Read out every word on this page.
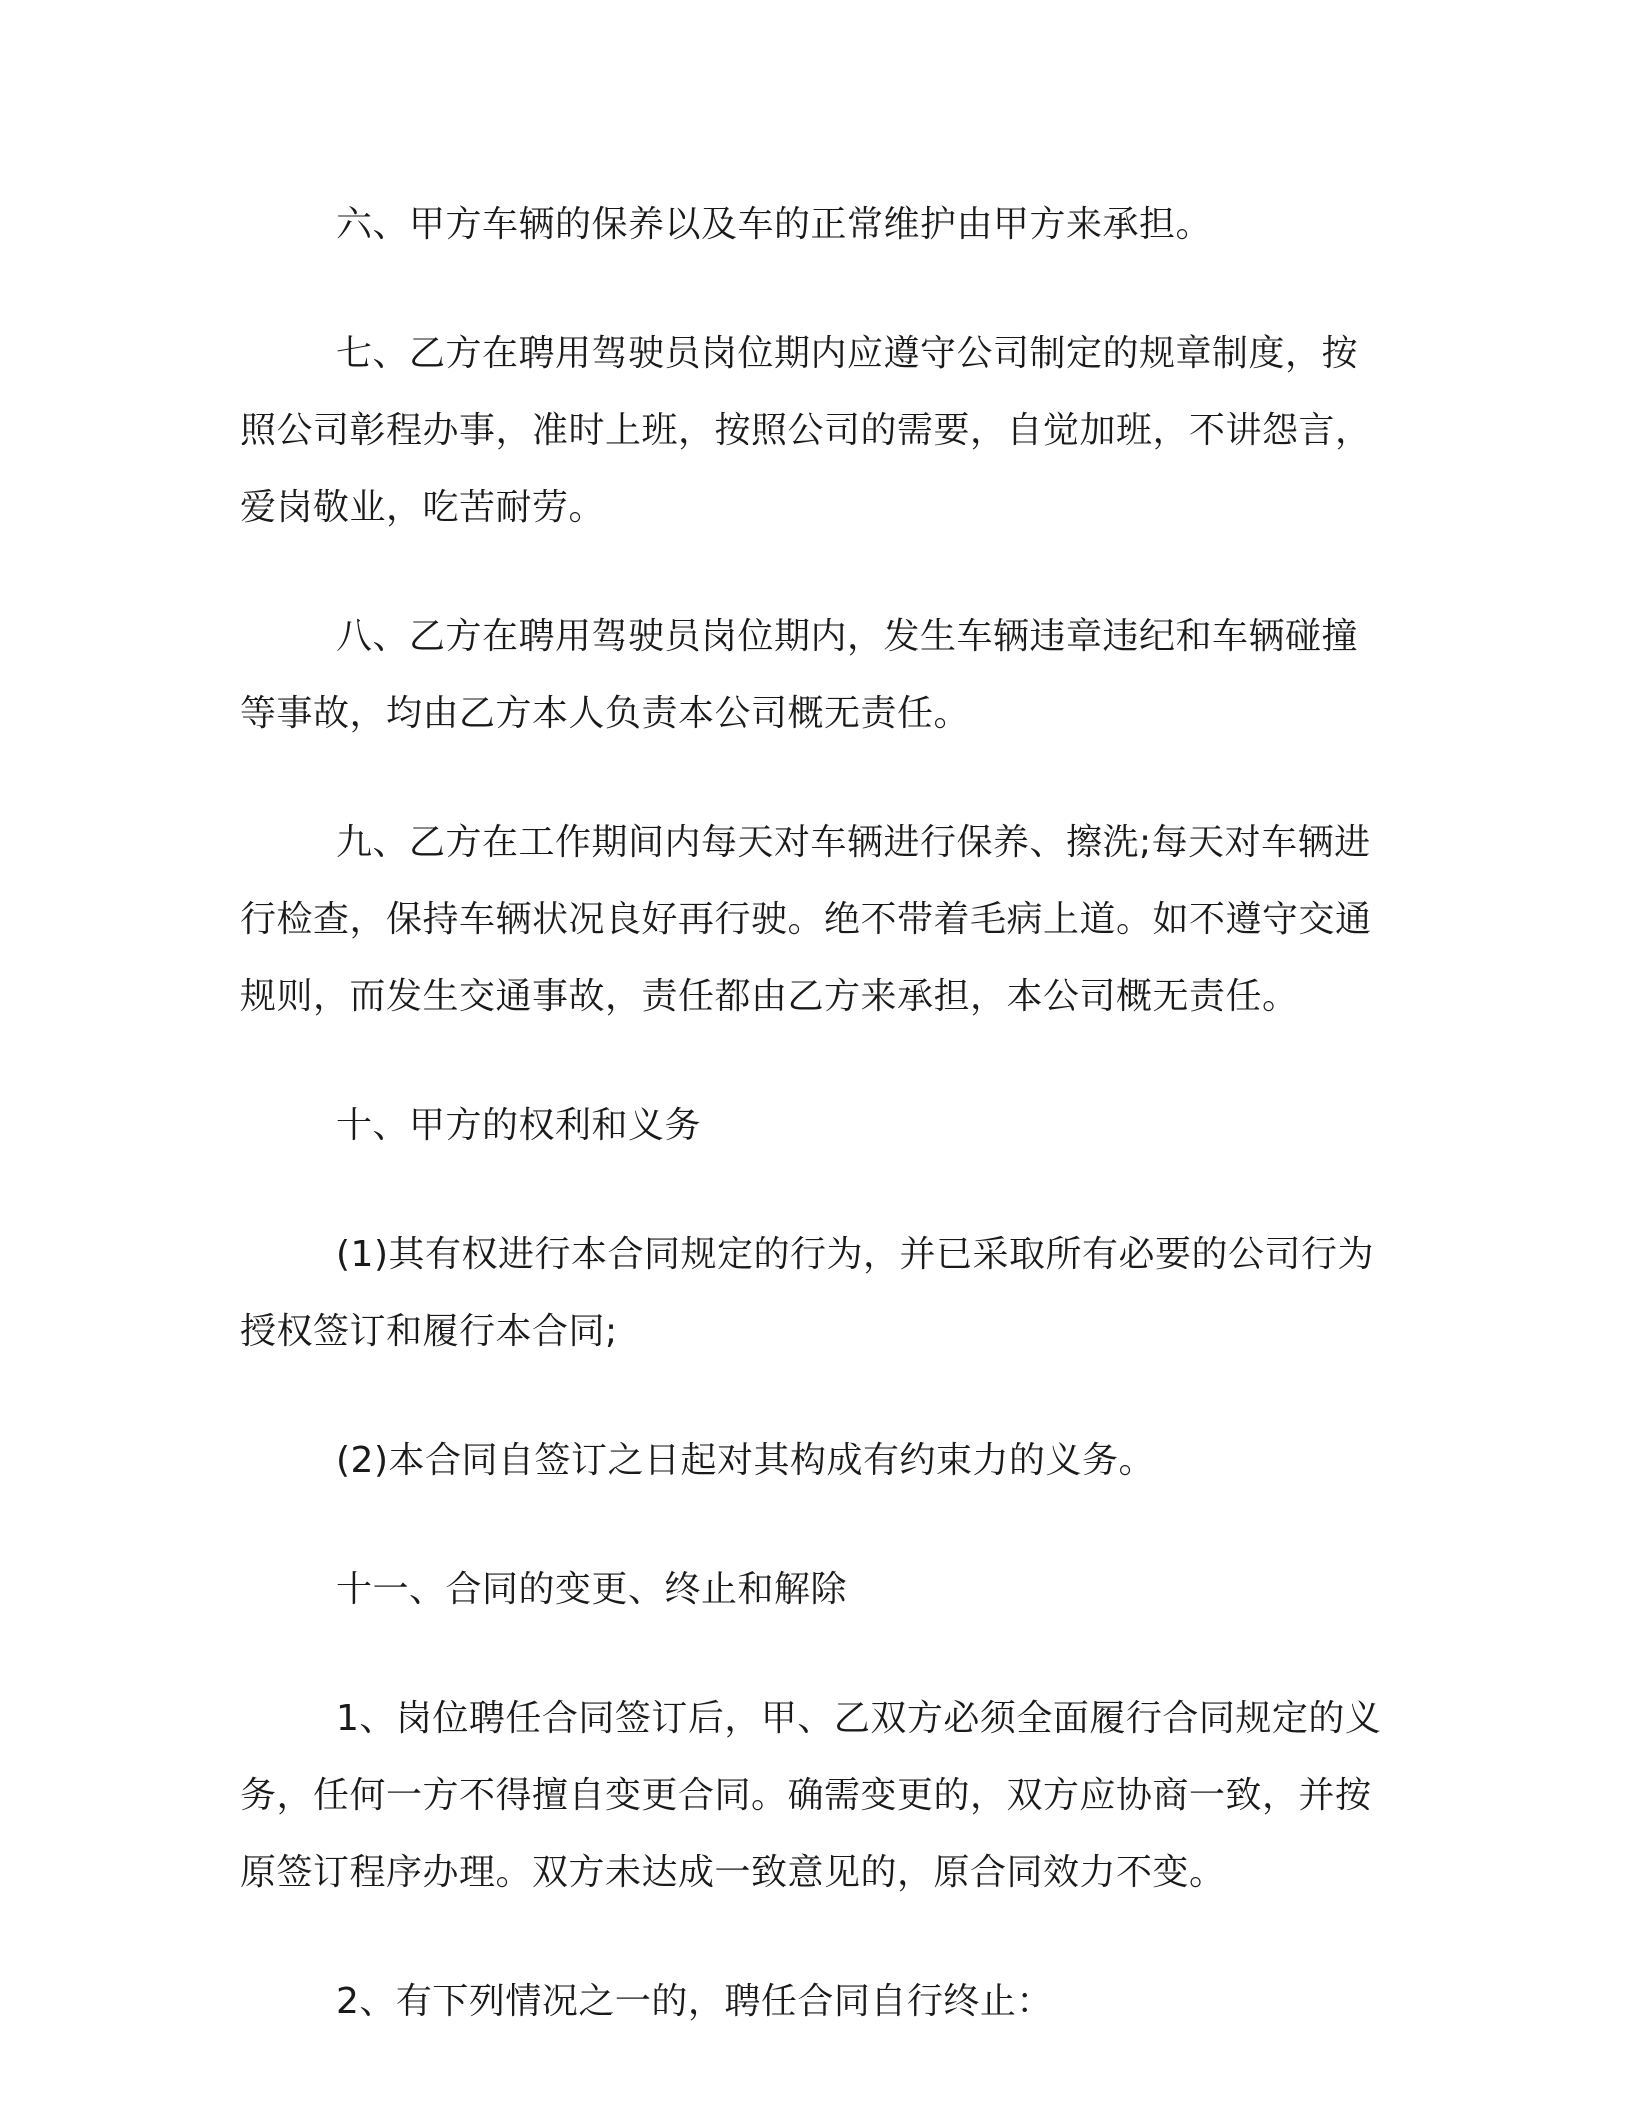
六、甲方车辆的保养以及车的正常维护由甲方来承担。

七、乙方在聘用驾驶员岗位期内应遵守公司制定的规章制度，按照公司彰程办事，准时上班，按照公司的需要，自觉加班，不讲怨言，爱岗敬业，吃苦耐劳。

八、乙方在聘用驾驶员岗位期内，发生车辆违章违纪和车辆碰撞等事故，均由乙方本人负责本公司概无责任。

九、乙方在工作期间内每天对车辆进行保养、擦洗;每天对车辆进行检查，保持车辆状况良好再行驶。绝不带着毛病上道。如不遵守交通规则，而发生交通事故，责任都由乙方来承担，本公司概无责任。

十、甲方的权利和义务

(1)其有权进行本合同规定的行为，并已采取所有必要的公司行为授权签订和履行本合同;

(2)本合同自签订之日起对其构成有约束力的义务。

十一、合同的变更、终止和解除

1、岗位聘任合同签订后，甲、乙双方必须全面履行合同规定的义务，任何一方不得擅自变更合同。确需变更的，双方应协商一致，并按原签订程序办理。双方未达成一致意见的，原合同效力不变。

2、有下列情况之一的，聘任合同自行终止：
